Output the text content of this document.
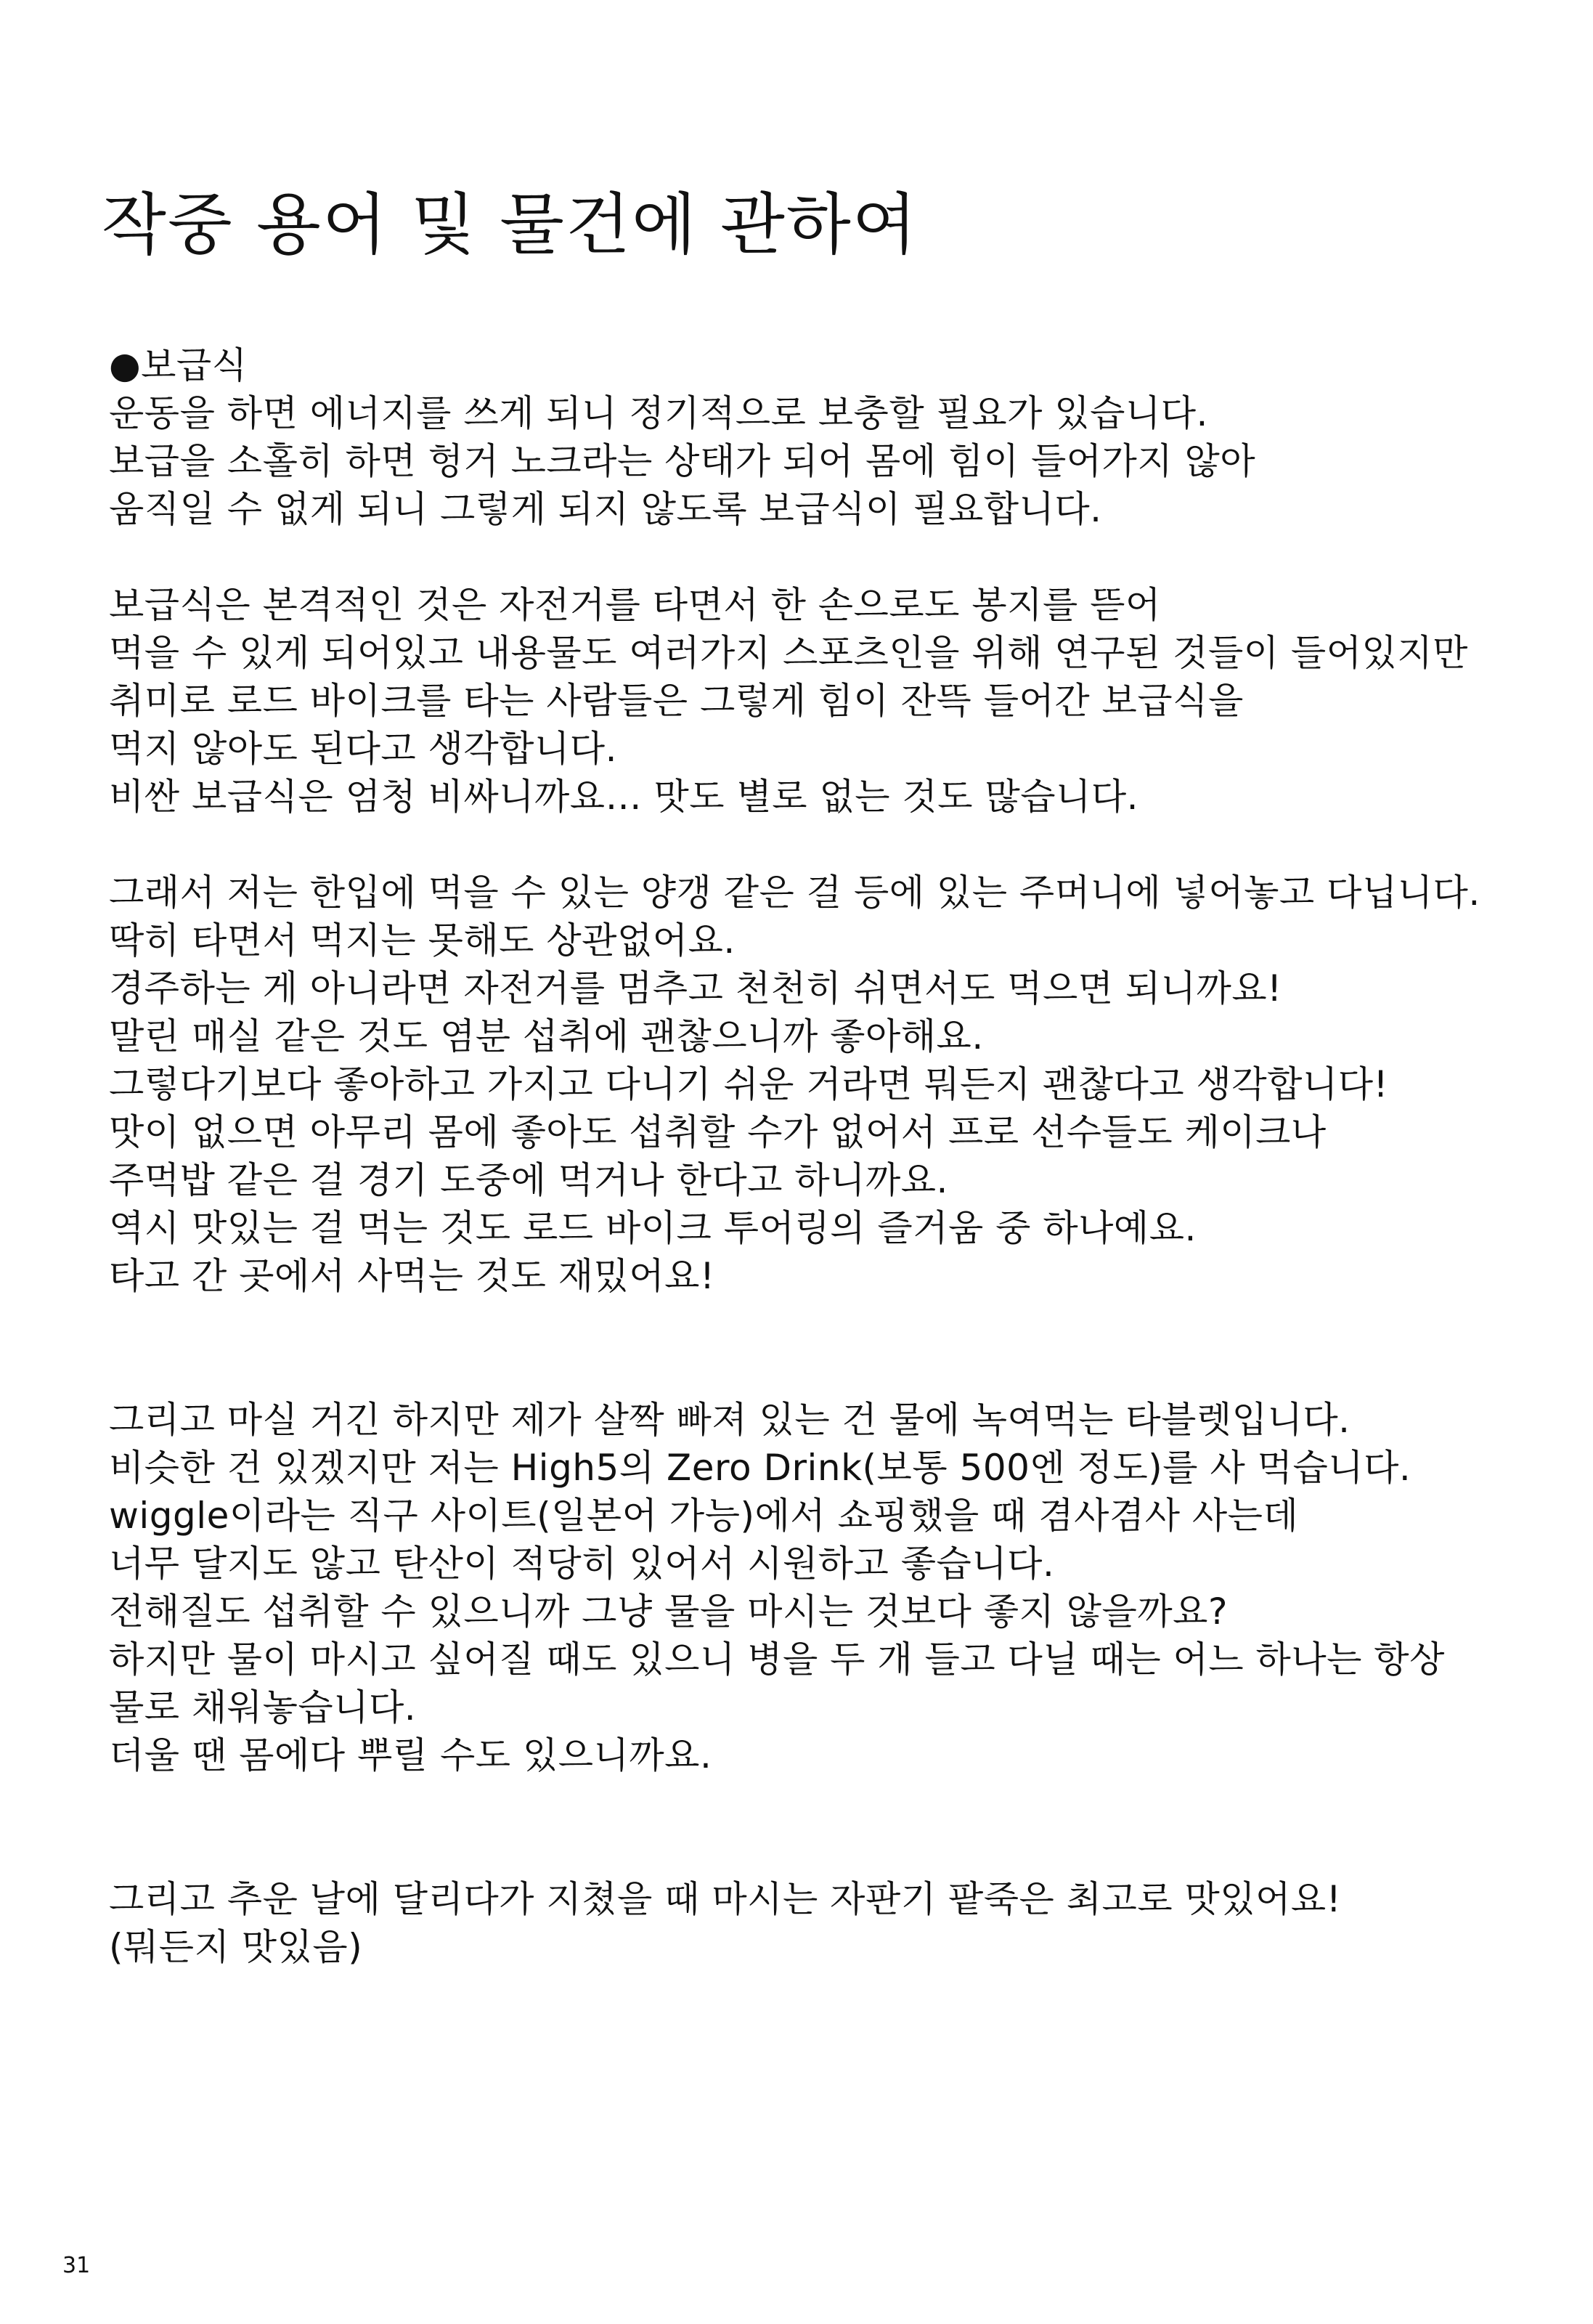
작중 용어 및 물건에 관하여
●보급식
운동을 하면 에너지를 쓰게 되니 정기적으로 보충할 필요가 있습니다.
보급을 소홀히 하면 헝거 노크라는 상태가 되어 몸에 힘이 들어가지 않아
움직일 수 없게 되니 그렇게 되지 않도록 보급식이 필요합니다.
보급식은 본격적인 것은 자전거를 타면서 한 손으로도 봉지를 뜯어
먹을 수 있게 되어있고 내용물도 여러가지 스포츠인을 위해 연구된 것들이 들어있지만
취미로 로드 바이크를 타는 사람들은 그렇게 힘이 잔뜩 들어간 보급식을
먹지 않아도 된다고 생각합니다.
비싼 보급식은 엄청 비싸니까요… 맛도 별로 없는 것도 많습니다.
그래서 저는 한입에 먹을 수 있는 양갱 같은 걸 등에 있는 주머니에 넣어놓고 다닙니다.
딱히 타면서 먹지는 못해도 상관없어요.
경주하는 게 아니라면 자전거를 멈추고 천천히 쉬면서도 먹으면 되니까요!
말린 매실 같은 것도 염분 섭취에 괜찮으니까 좋아해요.
그렇다기보다 좋아하고 가지고 다니기 쉬운 거라면 뭐든지 괜찮다고 생각합니다!
맛이 없으면 아무리 몸에 좋아도 섭취할 수가 없어서 프로 선수들도 케이크나
주먹밥 같은 걸 경기 도중에 먹거나 한다고 하니까요.
역시 맛있는 걸 먹는 것도 로드 바이크 투어링의 즐거움 중 하나예요.
타고 간 곳에서 사먹는 것도 재밌어요!
그리고 마실 거긴 하지만 제가 살짝 빠져 있는 건 물에 녹여먹는 타블렛입니다.
비슷한 건 있겠지만 저는 High5의 Zero Drink(보통 500엔 정도)를 사 먹습니다.
wiggle이라는 직구 사이트(일본어 가능)에서 쇼핑했을 때 겸사겸사 사는데
너무 달지도 않고 탄산이 적당히 있어서 시원하고 좋습니다.
전해질도 섭취할 수 있으니까 그냥 물을 마시는 것보다 좋지 않을까요?
하지만 물이 마시고 싶어질 때도 있으니 병을 두 개 들고 다닐 때는 어느 하나는 항상
물로 채워놓습니다.
더울 땐 몸에다 뿌릴 수도 있으니까요.
그리고 추운 날에 달리다가 지쳤을 때 마시는 자판기 팥죽은 최고로 맛있어요!
(뭐든지 맛있음)
31
